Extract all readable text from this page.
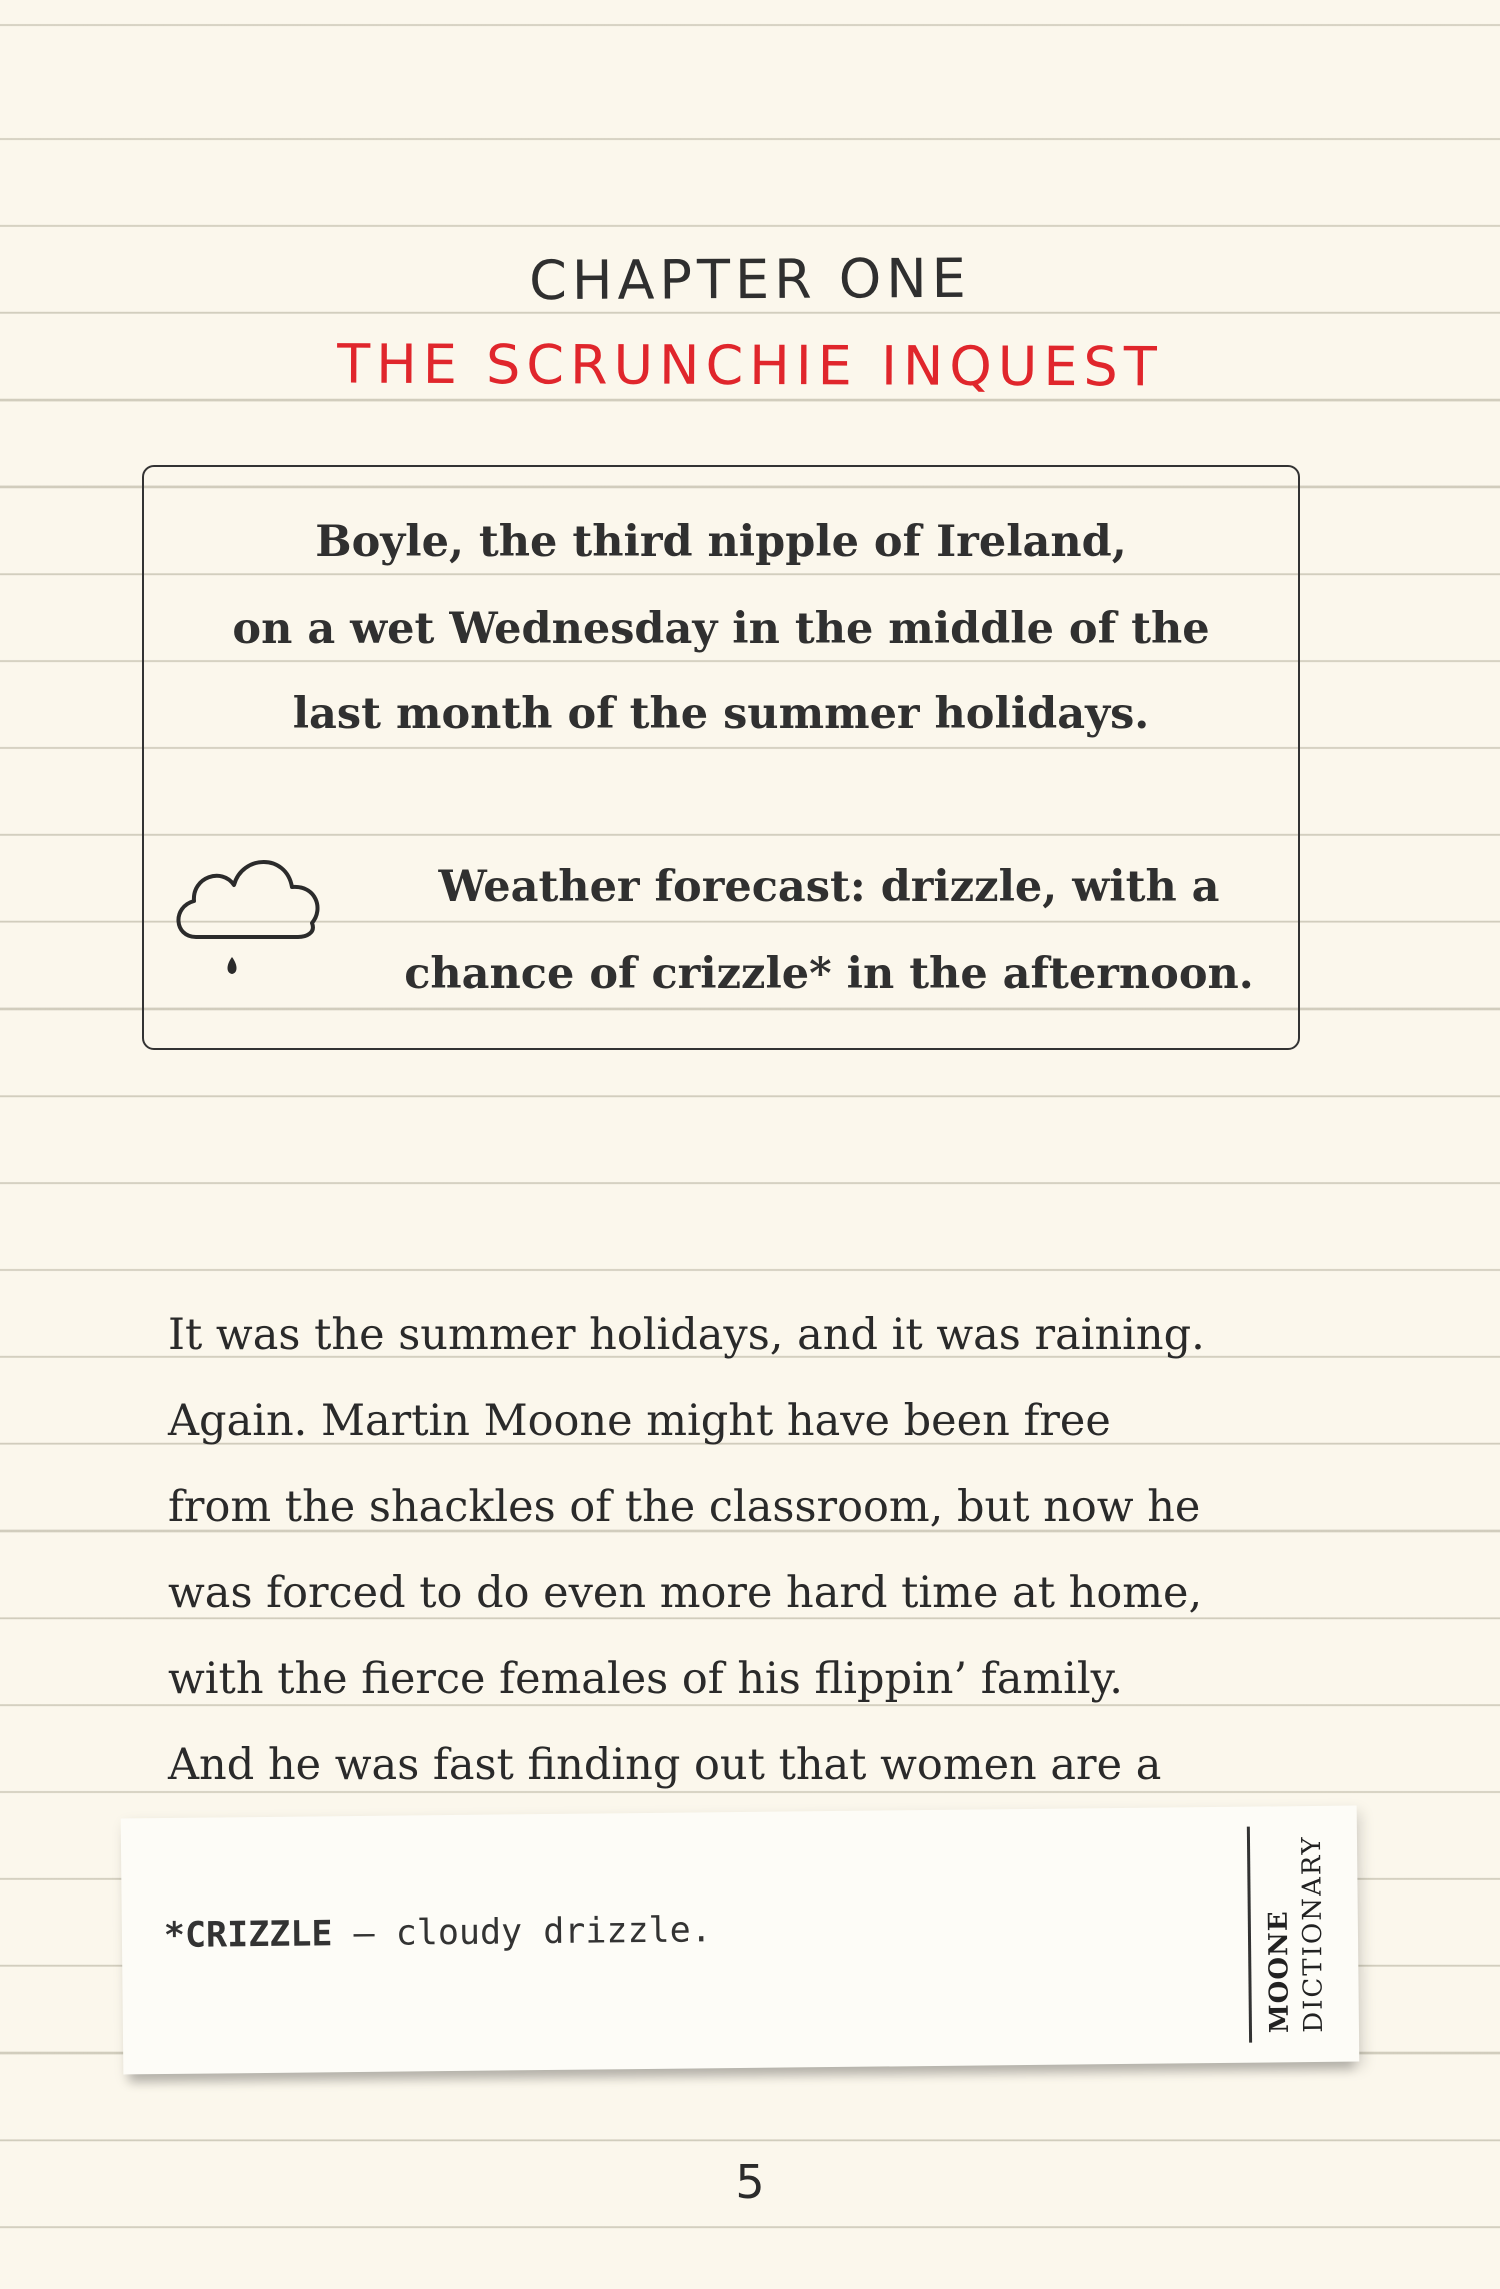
CHAPTER ONE
THE SCRUNCHIE INQUEST
Boyle, the third nipple of Ireland,
on a wet Wednesday in the middle of the
last month of the summer holidays.
Weather forecast: drizzle, with a
chance of crizzle* in the afternoon.
It was the summer holidays, and it was raining.
Again. Martin Moone might have been free
from the shackles of the classroom, but now he
was forced to do even more hard time at home,
with the fierce females of his flippin’ family.
And he was fast finding out that women are a
*CRIZZLE – cloudy drizzle.	MOONE DICTIONARY
5
